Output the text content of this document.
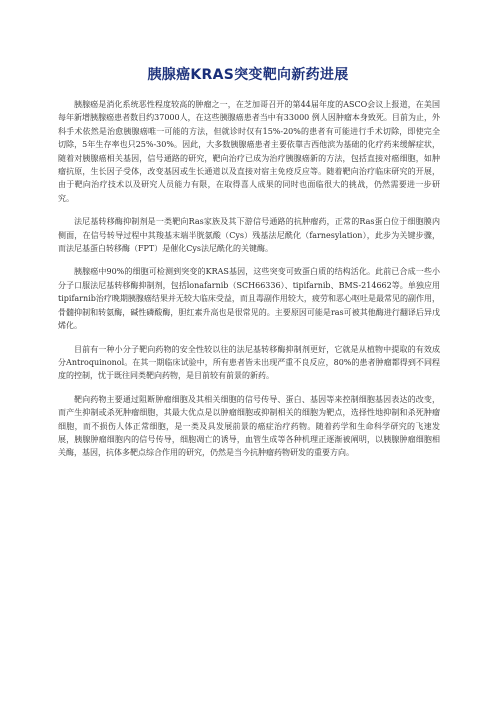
胰腺癌KRAS突变靶向新药进展

胰腺癌是消化系统恶性程度较高的肿瘤之一，在芝加哥召开的第44届年度的ASCO会议上报道，在美国每年新增胰腺癌患者数目约37000人，在这些胰腺癌患者当中有33000 例人因肿瘤本身致死。目前为止，外科手术依然是治愈胰腺癌唯一可能的方法，但就诊时仅有15%-20%的患者有可能进行手术切除，即使完全切除，5年生存率也只25%-30%。因此，大多数胰腺癌患者主要依靠吉西他滨为基础的化疗药来缓解症状，随着对胰腺癌相关基因，信号通路的研究，靶向治疗已成为治疗胰腺癌新的方法，包括直接对癌细胞，如肿瘤抗原，生长因子受体，改变基因或生长通道以及直接对宿主免疫反应等。随着靶向治疗临床研究的开展，由于靶向治疗技术以及研究人员能力有限，在取得喜人成果的同时也面临很大的挑战，仍然需要进一步研究。

法尼基转移酶抑制剂是一类靶向Ras家族及其下游信号通路的抗肿瘤药，正常的Ras蛋白位于细胞膜内侧面，在信号转导过程中其羧基末端半胱氨酸（Cys）残基法尼酰化（farnesylation），此步为关键步骤，而法尼基蛋白转移酶（FPT）是催化Cys法尼酰化的关键酶。

胰腺癌中90%的细胞可检测到突变的KRAS基因，这些突变可致蛋白质的结构活化。此前已合成一些小分子口服法尼基转移酶抑制剂，包括lonafarnib（SCH66336）、tipifarnib、BMS-214662等。单独应用tipifarnib治疗晚期胰腺癌结果并无较大临床受益，而且毒副作用较大，疲劳和恶心呕吐是最常见的副作用，骨髓抑制和转氨酶，碱性磷酸酶，胆红素升高也是很常见的。主要原因可能是ras可被其他酶进行翻译后异戊烯化。

目前有一种小分子靶向药物的安全性较以往的法尼基转移酶抑制剂更好，它就是从植物中提取的有效成分Antroquinonol。在其一期临床试验中，所有患者皆未出现严重不良反应，80%的患者肿瘤都得到不同程度的控制，忧于既往同类靶向药物，是目前较有前景的新药。

靶向药物主要通过阻断肿瘤细胞及其相关细胞的信号传导、蛋白、基因等来控制细胞基因表达的改变，而产生抑制或杀死肿瘤细胞，其最大优点是以肿瘤细胞或抑制相关的细胞为靶点，选择性地抑制和杀死肿瘤细胞，而不损伤人体正常细胞，是一类及具发展前景的癌症治疗药物。随着药学和生命科学研究的飞速发展，胰腺肿瘤细胞内的信号传导，细胞凋亡的诱导，血管生成等各种机理正逐渐被阐明，以胰腺肿瘤细胞相关酶，基因，抗体多靶点综合作用的研究，仍然是当今抗肿瘤药物研发的重要方向。
